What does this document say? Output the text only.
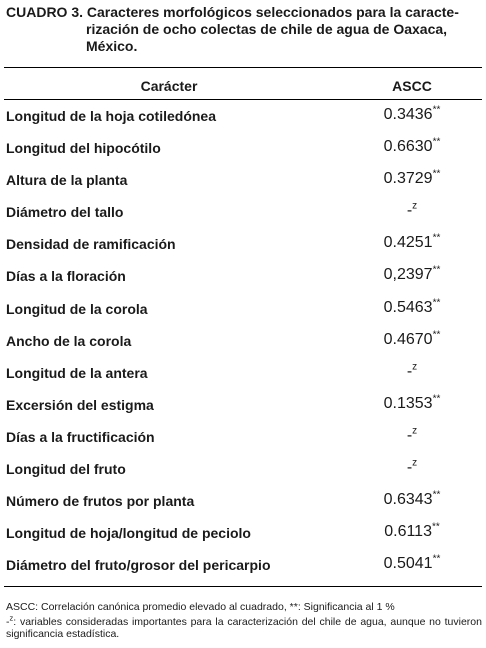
CUADRO 3. Caracteres morfológicos seleccionados para la caracte-
rización de ocho colectas de chile de agua de Oaxaca,
México.
Carácter	ASCC
Longitud de la hoja cotiledónea	0.3436**
Longitud del hipocótilo	0.6630**
Altura de la planta	0.3729**
Diámetro del tallo	-$^z$
Densidad de ramificación	0.4251**
Días a la floración	0,2397**
Longitud de la corola	0.5463**
Ancho de la corola	0.4670**
Longitud de la antera	-$^z$
Excersión del estigma	0.1353**
Días a la fructificación	-$^z$
Longitud del fruto	-$^z$
Número de frutos por planta	0.6343**
Longitud de hoja/longitud de peciolo	0.6113**
Diámetro del fruto/grosor del pericarpio	0.5041**
ASCC: Correlación canónica promedio elevado al cuadrado, **: Significancia al 1 %
-$^z$: variables consideradas importantes para la caracterización del chile de agua, aunque no tuvieron significancia estadística.
